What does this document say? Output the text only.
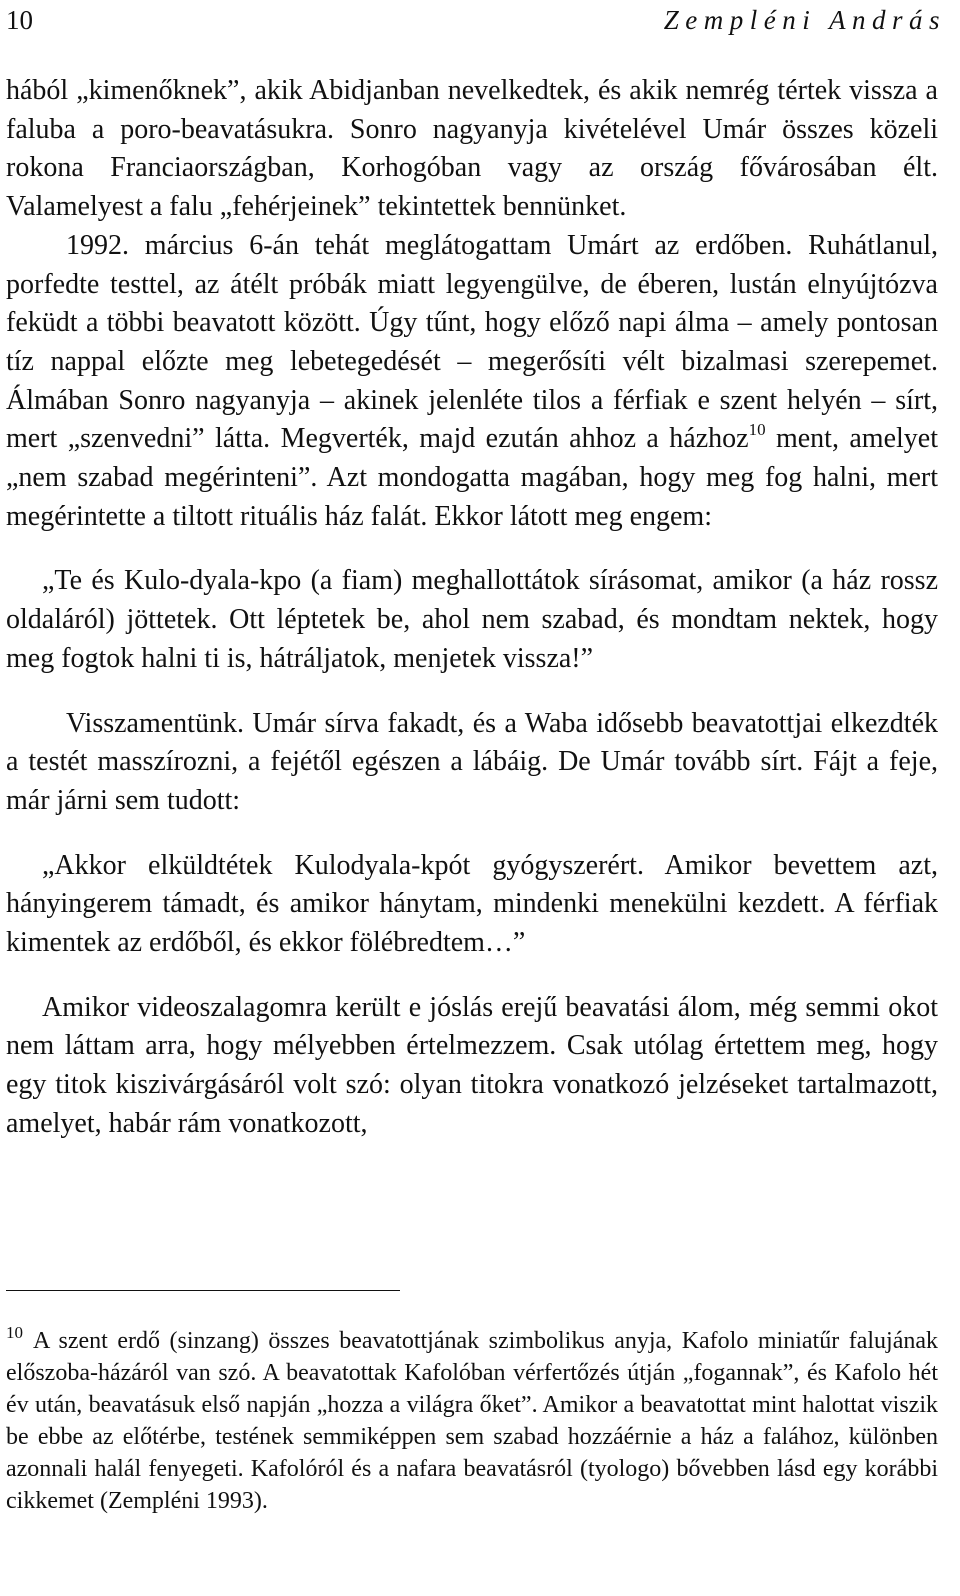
10	Zempléni András

hából „kimenőknek”, akik Abidjanban nevelkedtek, és akik nemrég tértek vissza a faluba a poro-beavatásukra. Sonro nagyanyja kivételével Umár összes közeli rokona Franciaországban, Korhogóban vagy az ország fővárosában élt. Valamelyest a falu „fehérjeinek” tekintettek bennünket.

1992. március 6-án tehát meglátogattam Umárt az erdőben. Ruhátlanul, porfedte testtel, az átélt próbák miatt legyengülve, de éberen, lustán elnyújtózva feküdt a többi beavatott között. Úgy tűnt, hogy előző napi álma – amely pontosan tíz nappal előzte meg lebetegedését – megerősíti vélt bizalmasi szerepemet. Álmában Sonro nagyanyja – akinek jelenléte tilos a férfiak e szent helyén – sírt, mert „szenvedni” látta. Megverték, majd ezután ahhoz a házhoz$^{10}$ ment, amelyet „nem szabad megérinteni”. Azt mondogatta magában, hogy meg fog halni, mert megérintette a tiltott rituális ház falát. Ekkor látott meg engem:

„Te és Kulo-dyala-kpo (a fiam) meghallottátok sírásomat, amikor (a ház rossz oldaláról) jöttetek. Ott léptetek be, ahol nem szabad, és mondtam nektek, hogy meg fogtok halni ti is, hátráljatok, menjetek vissza!”

Visszamentünk. Umár sírva fakadt, és a Waba idősebb beavatottjai elkezdték a testét masszírozni, a fejétől egészen a lábáig. De Umár tovább sírt. Fájt a feje, már járni sem tudott:

„Akkor elküldtétek Kulodyala-kpót gyógyszerért. Amikor bevettem azt, hányingerem támadt, és amikor hánytam, mindenki menekülni kezdett. A férfiak kimentek az erdőből, és ekkor fölébredtem…”

Amikor videoszalagomra került e jóslás erejű beavatási álom, még semmi okot nem láttam arra, hogy mélyebben értelmezzem. Csak utólag értettem meg, hogy egy titok kiszivárgásáról volt szó: olyan titokra vonatkozó jelzéseket tartalmazott, amelyet, habár rám vonatkozott,

$^{10}$ A szent erdő (sinzang) összes beavatottjának szimbolikus anyja, Kafolo miniatűr falujának előszoba-házáról van szó. A beavatottak Kafolóban vérfertőzés útján „fogannak”, és Kafolo hét év után, beavatásuk első napján „hozza a világra őket”. Amikor a beavatottat mint halottat viszik be ebbe az előtérbe, testének semmiképpen sem szabad hozzáérnie a ház a falához, különben azonnali halál fenyegeti. Kafolóról és a nafara beavatásról (tyologo) bővebben lásd egy korábbi cikkemet (Zempléni 1993).
